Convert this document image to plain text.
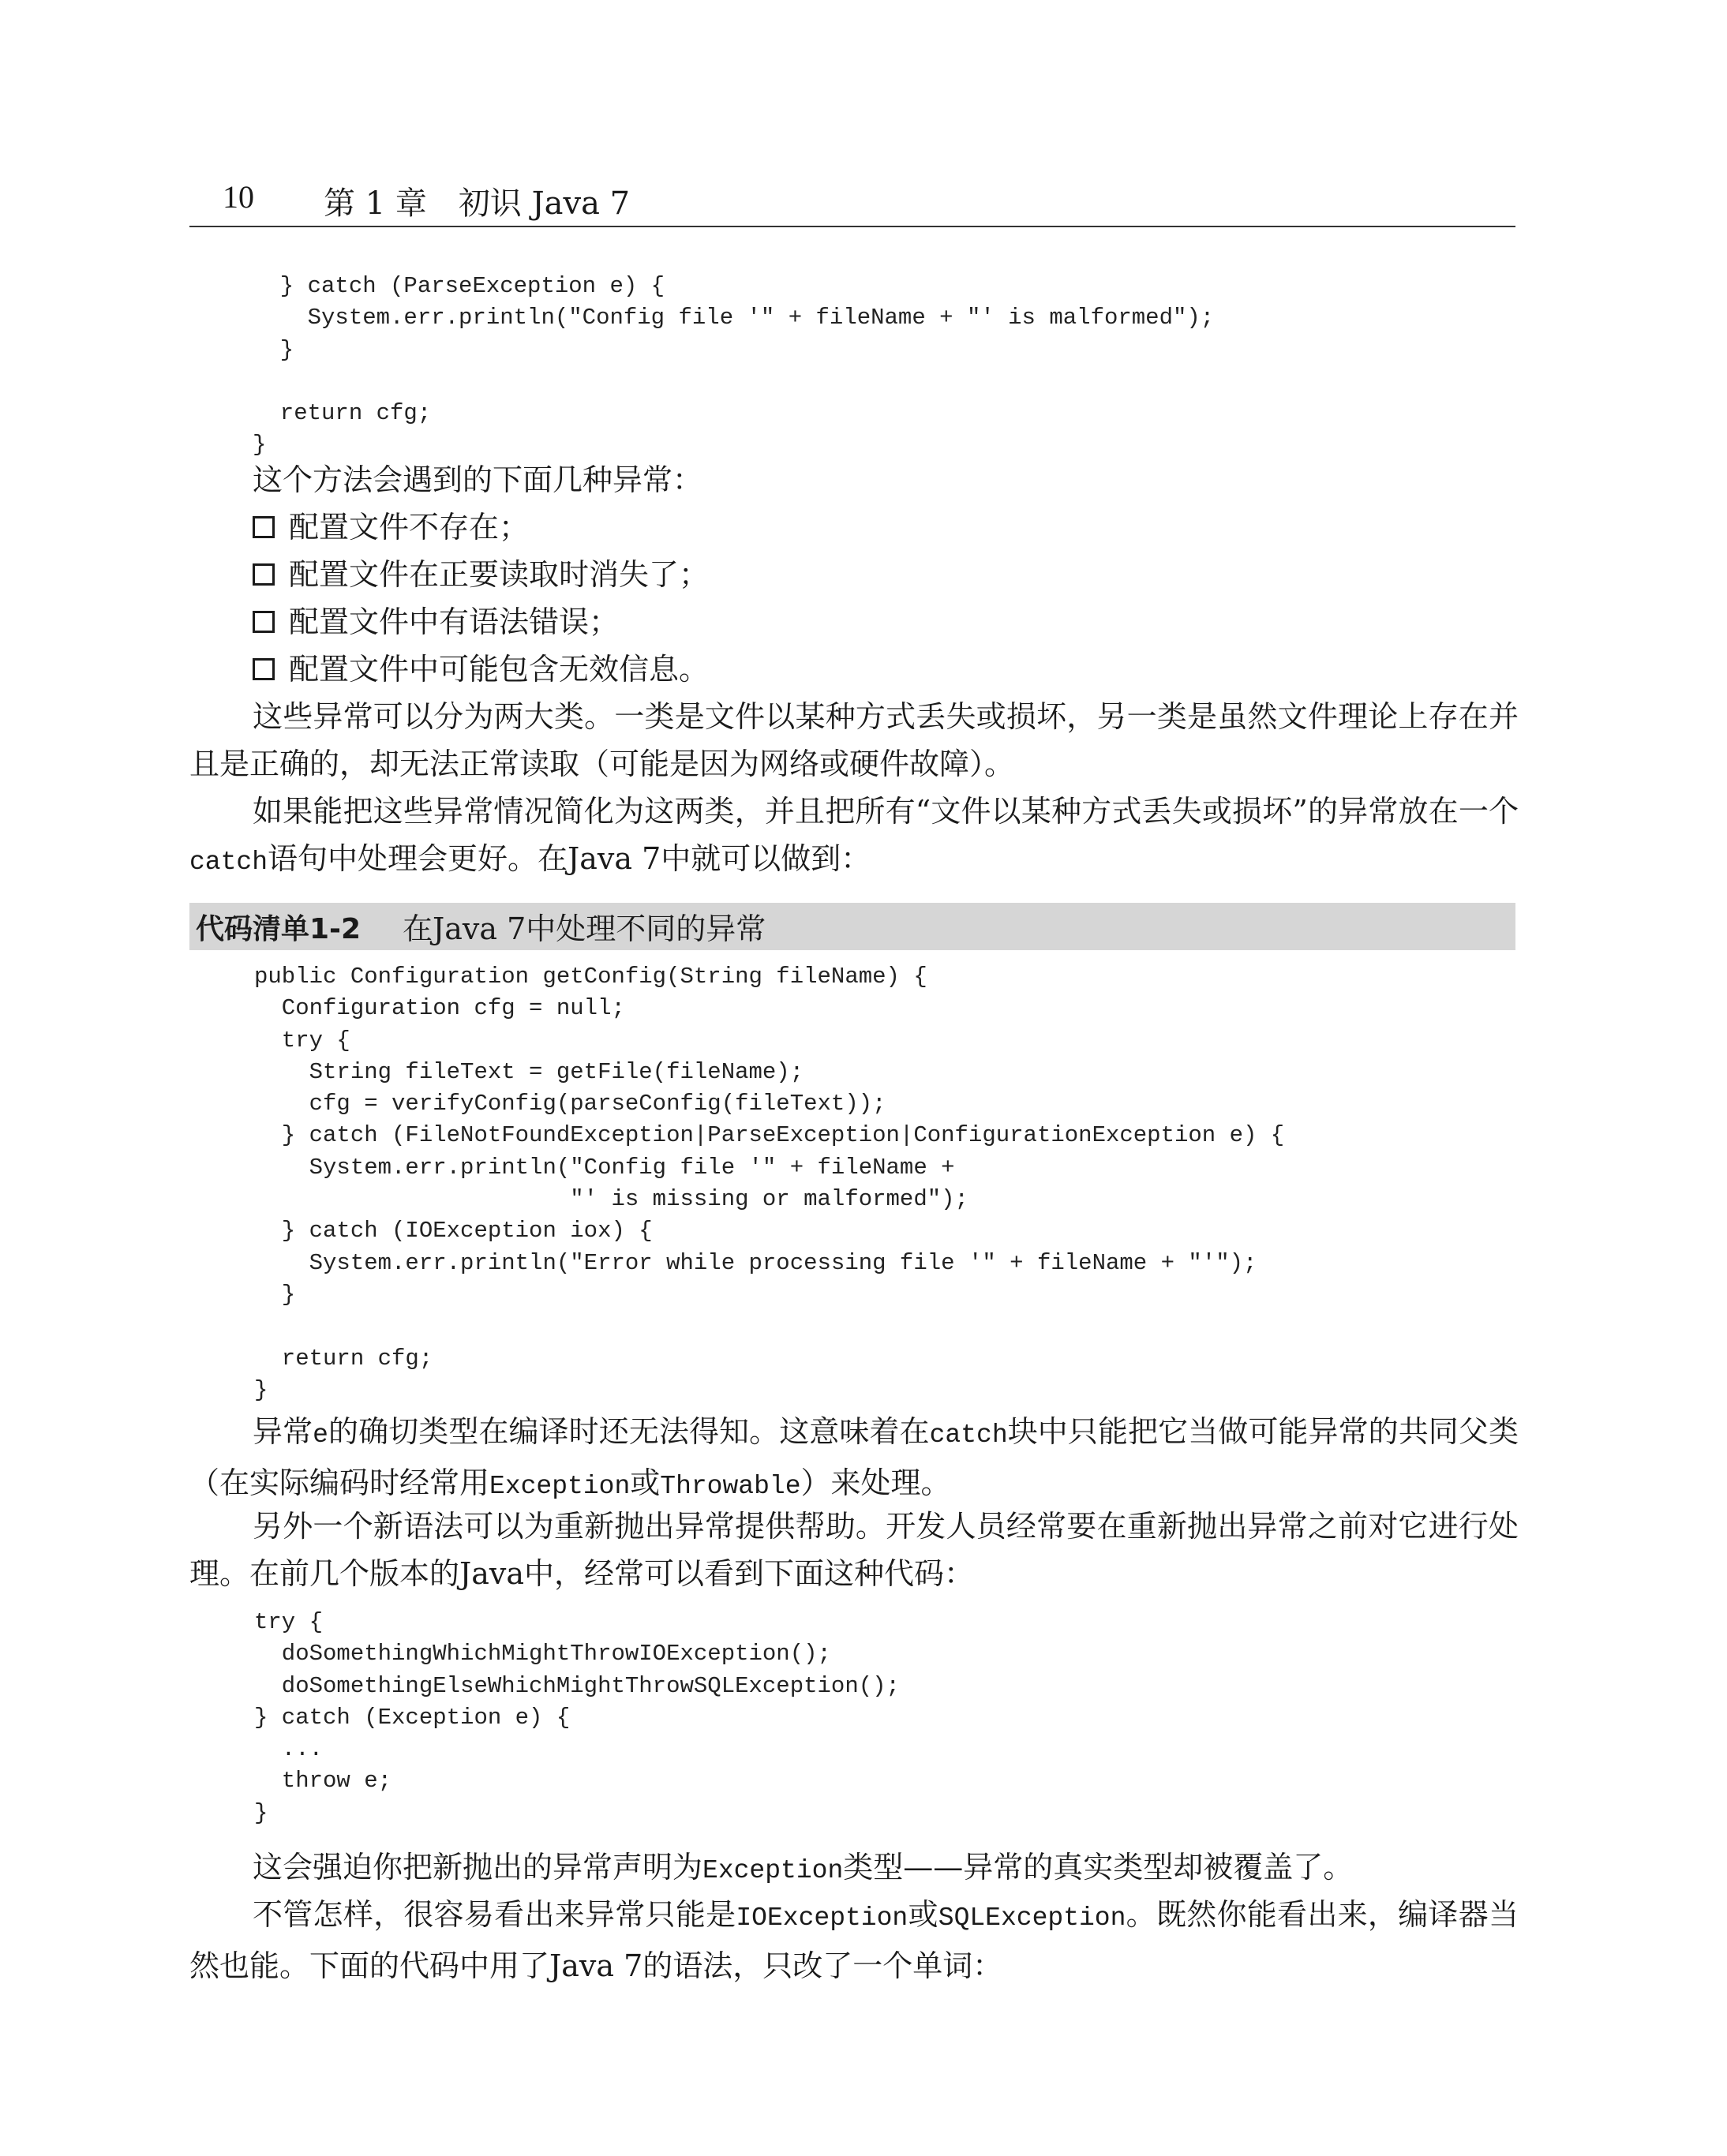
10 第 1 章　初识 Java 7
} catch (ParseException e) {
System.err.println("Config file '" + fileName + "' is malformed");
}

return cfg;
}

这个方法会遇到的下面几种异常：

配置文件不存在；

配置文件在正要读取时消失了；

配置文件中有语法错误；

配置文件中可能包含无效信息。

这些异常可以分为两大类。一类是文件以某种方式丢失或损坏，另一类是虽然文件理论上存在并且是正确的，却无法正常读取（可能是因为网络或硬件故障）。

如果能把这些异常情况简化为这两类，并且把所有“文件以某种方式丢失或损坏”的异常放在一个catch语句中处理会更好。在Java 7中就可以做到：

代码清单1-2 在Java 7中处理不同的异常
public Configuration getConfig(String fileName) {
Configuration cfg = null;
try {
String fileText = getFile(fileName);
cfg = verifyConfig(parseConfig(fileText));
} catch (FileNotFoundException|ParseException|ConfigurationException e) {
System.err.println("Config file '" + fileName +
"' is missing or malformed");
} catch (IOException iox) {
System.err.println("Error while processing file '" + fileName + "'");
}

return cfg;
}

异常e的确切类型在编译时还无法得知。这意味着在catch块中只能把它当做可能异常的共同父类（在实际编码时经常用Exception或Throwable）来处理。

另外一个新语法可以为重新抛出异常提供帮助。开发人员经常要在重新抛出异常之前对它进行处理。在前几个版本的Java中，经常可以看到下面这种代码：

try {
doSomethingWhichMightThrowIOException();
doSomethingElseWhichMightThrowSQLException();
} catch (Exception e) {
...
throw e;
}

这会强迫你把新抛出的异常声明为Exception类型——异常的真实类型却被覆盖了。

不管怎样，很容易看出来异常只能是IOException或SQLException。既然你能看出来，编译器当然也能。下面的代码中用了Java 7的语法，只改了一个单词：
